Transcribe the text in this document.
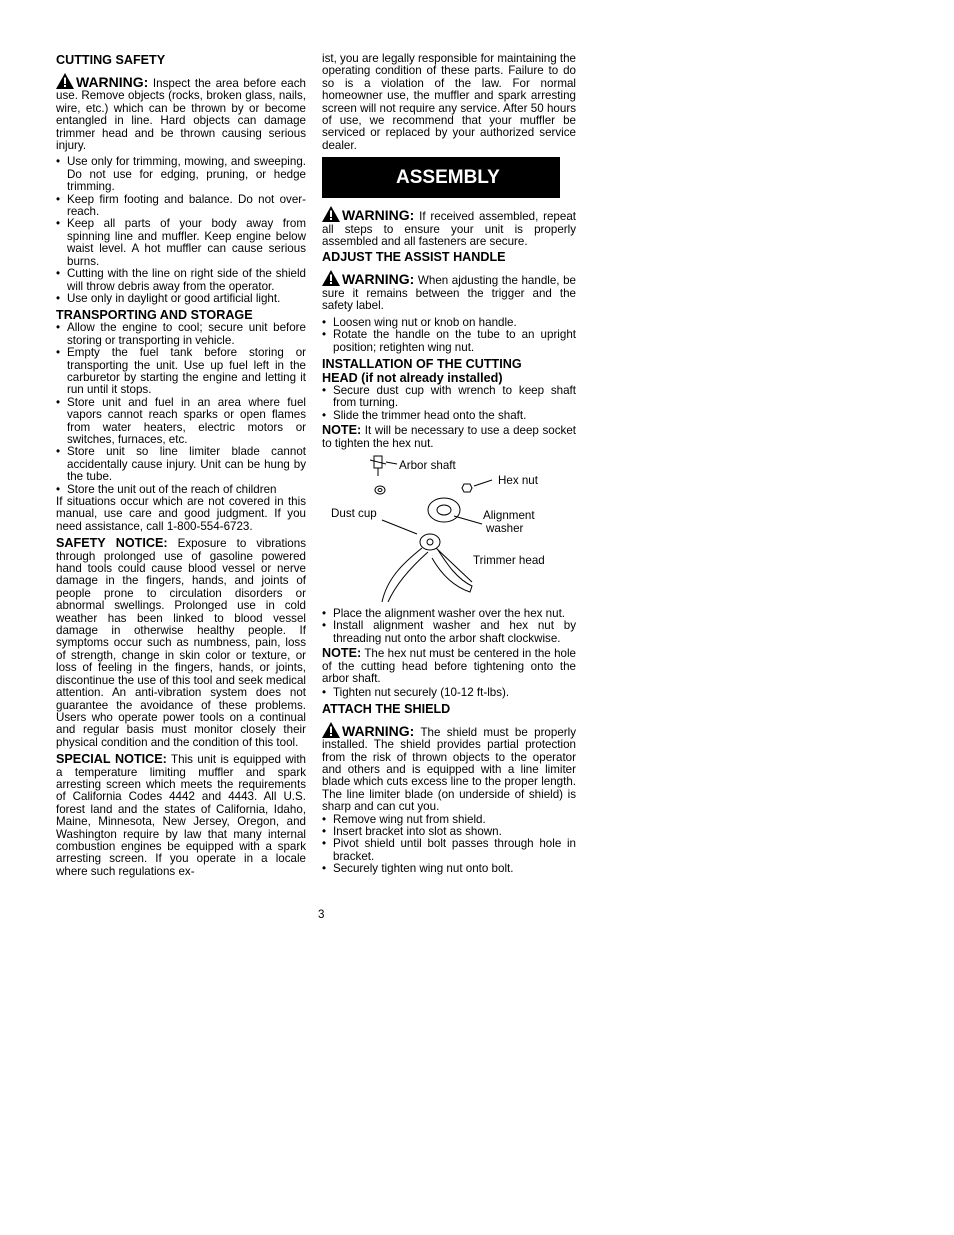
CUTTING SAFETY

WARNING: Inspect the area before each use. Remove objects (rocks, broken glass, nails, wire, etc.) which can be thrown by or become entangled in line. Hard objects can damage trimmer head and be thrown causing serious injury.

• Use only for trimming, mowing, and sweeping. Do not use for edging, pruning, or hedge trimming.
• Keep firm footing and balance. Do not over-reach.
• Keep all parts of your body away from spinning line and muffler. Keep engine below waist level. A hot muffler can cause serious burns.
• Cutting with the line on right side of the shield will throw debris away from the operator.
• Use only in daylight or good artificial light.
TRANSPORTING AND STORAGE
• Allow the engine to cool; secure unit before storing or transporting in vehicle.
• Empty the fuel tank before storing or transporting the unit. Use up fuel left in the carburetor by starting the engine and letting it run until it stops.
• Store unit and fuel in an area where fuel vapors cannot reach sparks or open flames from water heaters, electric motors or switches, furnaces, etc.
• Store unit so line limiter blade cannot accidentally cause injury. Unit can be hung by the tube.
• Store the unit out of the reach of children

If situations occur which are not covered in this manual, use care and good judgment. If you need assistance, call 1-800-554-6723.

SAFETY NOTICE: Exposure to vibrations through prolonged use of gasoline powered hand tools could cause blood vessel or nerve damage in the fingers, hands, and joints of people prone to circulation disorders or abnormal swellings. Prolonged use in cold weather has been linked to blood vessel damage in otherwise healthy people. If symptoms occur such as numbness, pain, loss of strength, change in skin color or texture, or loss of feeling in the fingers, hands, or joints, discontinue the use of this tool and seek medical attention. An anti-vibration system does not guarantee the avoidance of these problems. Users who operate power tools on a continual and regular basis must monitor closely their physical condition and the condition of this tool.

SPECIAL NOTICE: This unit is equipped with a temperature limiting muffler and spark arresting screen which meets the requirements of California Codes 4442 and 4443. All U.S. forest land and the states of California, Idaho, Maine, Minnesota, New Jersey, Oregon, and Washington require by law that many internal combustion engines be equipped with a spark arresting screen. If you operate in a locale where such regulations ex-

ist, you are legally responsible for maintaining the operating condition of these parts. Failure to do so is a violation of the law. For normal homeowner use, the muffler and spark arresting screen will not require any service. After 50 hours of use, we recommend that your muffler be serviced or replaced by your authorized service dealer.

ASSEMBLY

WARNING: If received assembled, repeat all steps to ensure your unit is properly assembled and all fasteners are secure.

ADJUST THE ASSIST HANDLE

WARNING: When ajdusting the handle, be sure it remains between the trigger and the safety label.

• Loosen wing nut or knob on handle.
• Rotate the handle on the tube to an upright position; retighten wing nut.
INSTALLATION OF THE CUTTING
HEAD (if not already installed)
• Secure dust cup with wrench to keep shaft from turning.
• Slide the trimmer head onto the shaft.

NOTE: It will be necessary to use a deep socket to tighten the hex nut.

Arbor shaft
Hex nut
Dust cup	Alignment
washer
Trimmer head
• Place the alignment washer over the hex nut.
• Install alignment washer and hex nut by threading nut onto the arbor shaft clockwise.

NOTE: The hex nut must be centered in the hole of the cutting head before tightening onto the arbor shaft.

• Tighten nut securely (10-12 ft-lbs).
ATTACH THE SHIELD

WARNING: The shield must be properly installed. The shield provides partial protection from the risk of thrown objects to the operator and others and is equipped with a line limiter blade which cuts excess line to the proper length. The line limiter blade (on underside of shield) is sharp and can cut you.

• Remove wing nut from shield.
• Insert bracket into slot as shown.
• Pivot shield until bolt passes through hole in bracket.
• Securely tighten wing nut onto bolt.
3
